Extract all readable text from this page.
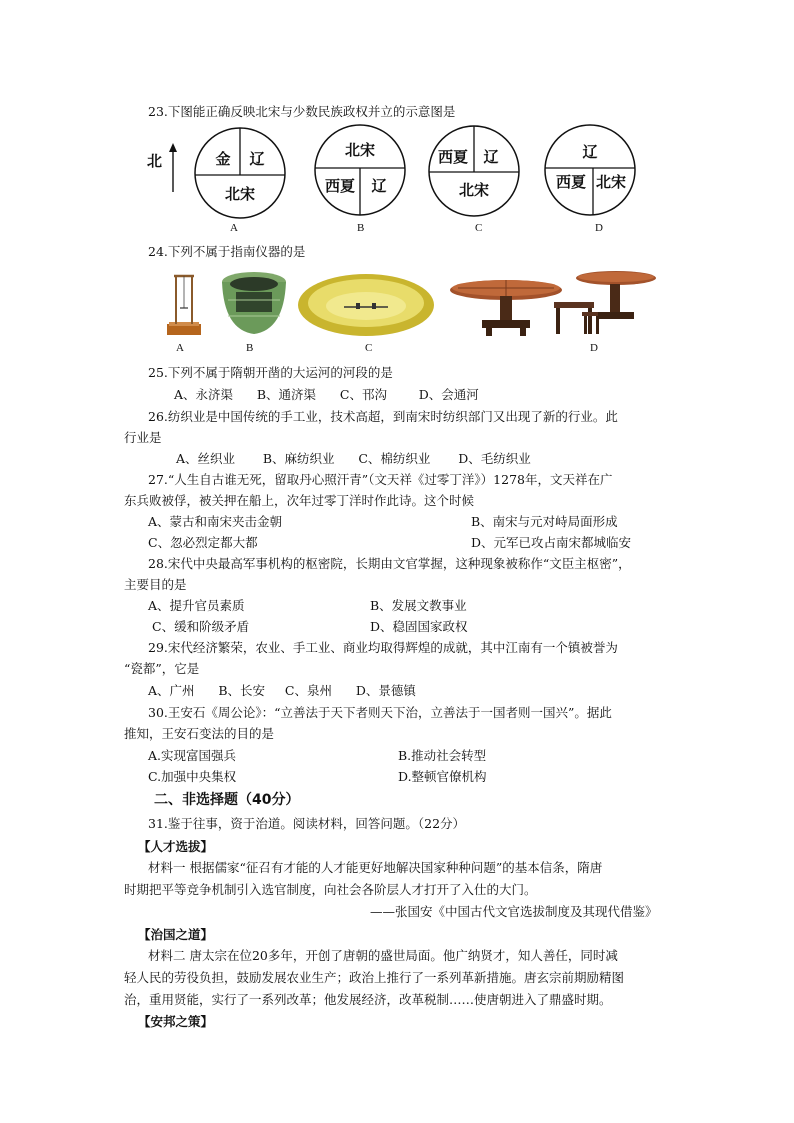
23.下图能正确反映北宋与少数民族政权并立的示意图是
北	金 辽
北宋
A
北宋
西夏 辽
B
西夏 辽
北宋
C
辽
西夏 北宋
D
24.下列不属于指南仪器的是
A	B	C	D
25.下列不属于隋朝开凿的大运河的河段的是
A、永济渠      B、通济渠      C、邗沟        D、会通河
26.纺织业是中国传统的手工业，技术高超，到南宋时纺织部门又出现了新的行业。此
行业是
A、丝织业       B、麻纺织业      C、棉纺织业       D、毛纺织业
27.“人生自古谁无死，留取丹心照汗青”（文天祥《过零丁洋》）1278年，文天祥在广
东兵败被俘，被关押在船上，次年过零丁洋时作此诗。这个时候
A、蒙古和南宋夹击金朝	B、南宋与元对峙局面形成
C、忽必烈定都大都	D、元军已攻占南宋都城临安
28.宋代中央最高军事机构的枢密院，长期由文官掌握，这种现象被称作“文臣主枢密”，
主要目的是
A、提升官员素质	B、发展文教事业
C、缓和阶级矛盾	D、稳固国家政权
29.宋代经济繁荣，农业、手工业、商业均取得辉煌的成就，其中江南有一个镇被誉为
“瓷都”，它是
A、广州      B、长安     C、泉州      D、景德镇
30.王安石《周公论》：“立善法于天下者则天下治，立善法于一国者则一国兴”。据此
推知，王安石变法的目的是
A.实现富国强兵	B.推动社会转型
C.加强中央集权	D.整顿官僚机构
二、非选择题（40分）
31.鉴于往事，资于治道。阅读材料，回答问题。（22分）
【人才选拔】
材料一 根据儒家“征召有才能的人才能更好地解决国家种种问题”的基本信条，隋唐
时期把平等竞争机制引入选官制度，向社会各阶层人才打开了入仕的大门。
——张国安《中国古代文官选拔制度及其现代借鉴》
【治国之道】
材料二 唐太宗在位20多年，开创了唐朝的盛世局面。他广纳贤才，知人善任，同时减
轻人民的劳役负担，鼓励发展农业生产；政治上推行了一系列革新措施。唐玄宗前期励精图
治，重用贤能，实行了一系列改革；他发展经济，改革税制……使唐朝进入了鼎盛时期。
【安邦之策】
